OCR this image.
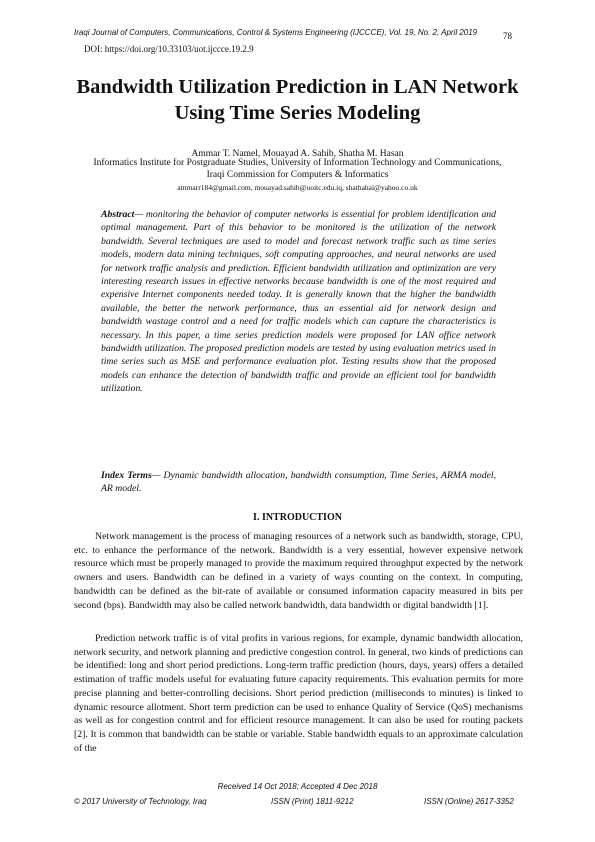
Iraqi Journal of Computers, Communications, Control & Systems Engineering (IJCCCE), Vol. 19, No. 2, April 2019	78
DOI: https://doi.org/10.33103/uot.ijccce.19.2.9
Bandwidth Utilization Prediction in LAN Network Using Time Series Modeling
Ammar T. Namel, Mouayad A. Sahib, Shatha M. Hasan
Informatics Institute for Postgraduate Studies, University of Information Technology and Communications,
Iraqi Commission for Computers & Informatics
ammarr184@gmail.com, mouayad.sahib@uoitc.edu.iq, shathahai@yahoo.co.uk
Abstract— monitoring the behavior of computer networks is essential for problem identification and optimal management. Part of this behavior to be monitored is the utilization of the network bandwidth. Several techniques are used to model and forecast network traffic such as time series models, modern data mining techniques, soft computing approaches, and neural networks are used for network traffic analysis and prediction. Efficient bandwidth utilization and optimization are very interesting research issues in effective networks because bandwidth is one of the most required and expensive Internet components needed today. It is generally known that the higher the bandwidth available, the better the network performance, thus an essential aid for network design and bandwidth wastage control and a need for traffic models which can capture the characteristics is necessary. In this paper, a time series prediction models were proposed for LAN office network bandwidth utilization. The proposed prediction models are tested by using evaluation metrics used in time series such as MSE and performance evaluation plot. Testing results show that the proposed models can enhance the detection of bandwidth traffic and provide an efficient tool for bandwidth utilization.
Index Terms— Dynamic bandwidth allocation, bandwidth consumption, Time Series, ARMA model, AR model.
I. INTRODUCTION

Network management is the process of managing resources of a network such as bandwidth, storage, CPU, etc. to enhance the performance of the network. Bandwidth is a very essential, however expensive network resource which must be properly managed to provide the maximum required throughput expected by the network owners and users. Bandwidth can be defined in a variety of ways counting on the context. In computing, bandwidth can be defined as the bit-rate of available or consumed information capacity measured in bits per second (bps). Bandwidth may also be called network bandwidth, data bandwidth or digital bandwidth [1].

Prediction network traffic is of vital profits in various regions, for example, dynamic bandwidth allocation, network security, and network planning and predictive congestion control. In general, two kinds of predictions can be identified: long and short period predictions. Long-term traffic prediction (hours, days, years) offers a detailed estimation of traffic models useful for evaluating future capacity requirements. This evaluation permits for more precise planning and better-controlling decisions. Short period prediction (milliseconds to minutes) is linked to dynamic resource allotment. Short term prediction can be used to enhance Quality of Service (QoS) mechanisms as well as for congestion control and for efficient resource management. It can also be used for routing packets [2]. It is common that bandwidth can be stable or variable. Stable bandwidth equals to an approximate calculation of the

Received 14 Oct 2018; Accepted 4 Dec 2018
© 2017 University of Technology, Iraq	ISSN (Print) 1811-9212	ISSN (Online) 2617-3352
